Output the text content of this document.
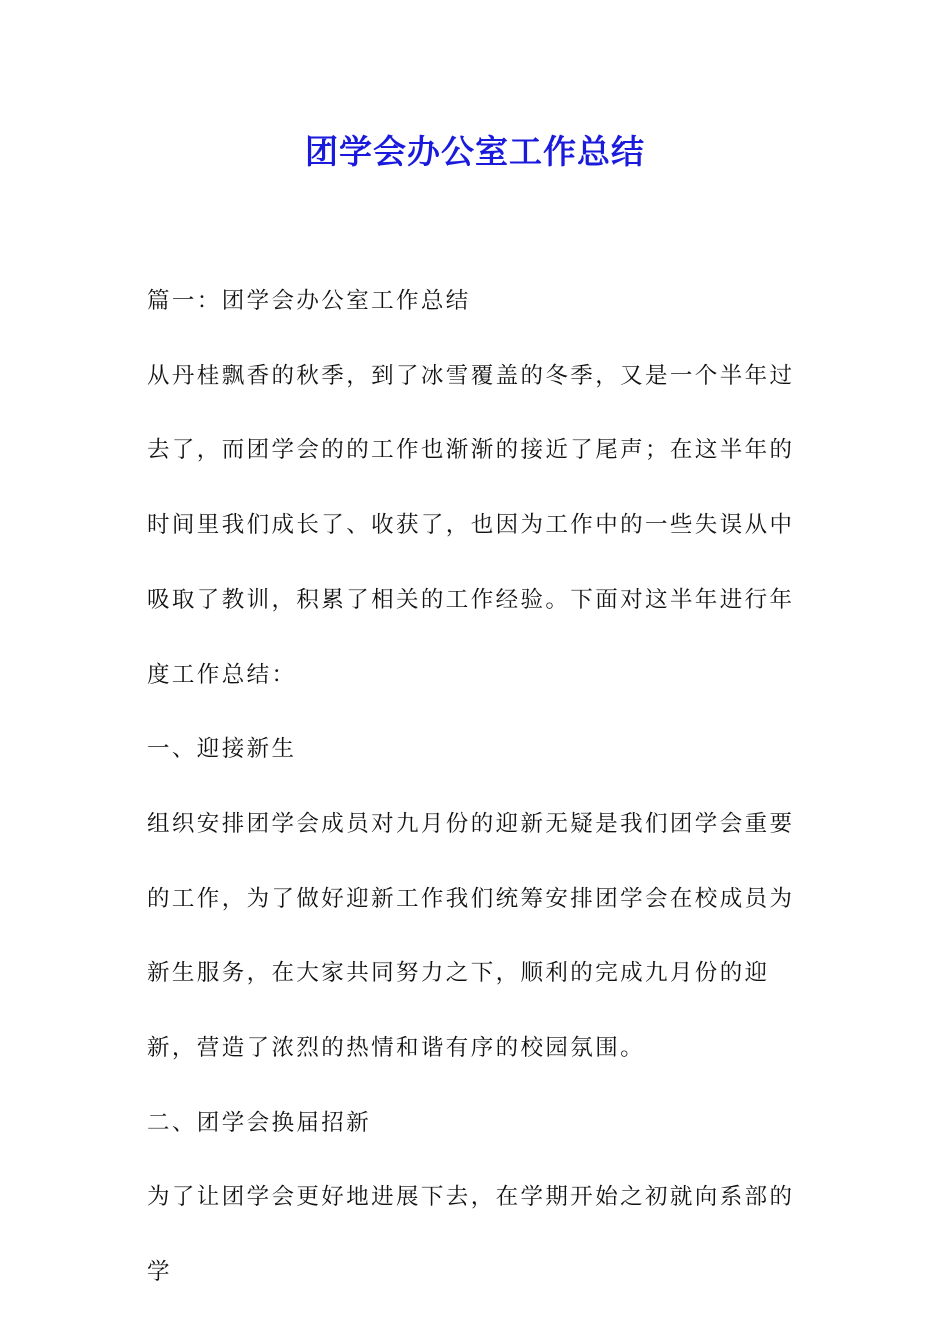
团学会办公室工作总结

篇一：团学会办公室工作总结

从丹桂飘香的秋季，到了冰雪覆盖的冬季，又是一个半年过去了，而团学会的的工作也渐渐的接近了尾声；在这半年的时间里我们成长了、收获了，也因为工作中的一些失误从中吸取了教训，积累了相关的工作经验。下面对这半年进行年度工作总结：

一、迎接新生

组织安排团学会成员对九月份的迎新无疑是我们团学会重要的工作，为了做好迎新工作我们统筹安排团学会在校成员为新生服务，在大家共同努力之下，顺利的完成九月份的迎新，营造了浓烈的热情和谐有序的校园氛围。

二、团学会换届招新

为了让团学会更好地进展下去，在学期开始之初就向系部的学
